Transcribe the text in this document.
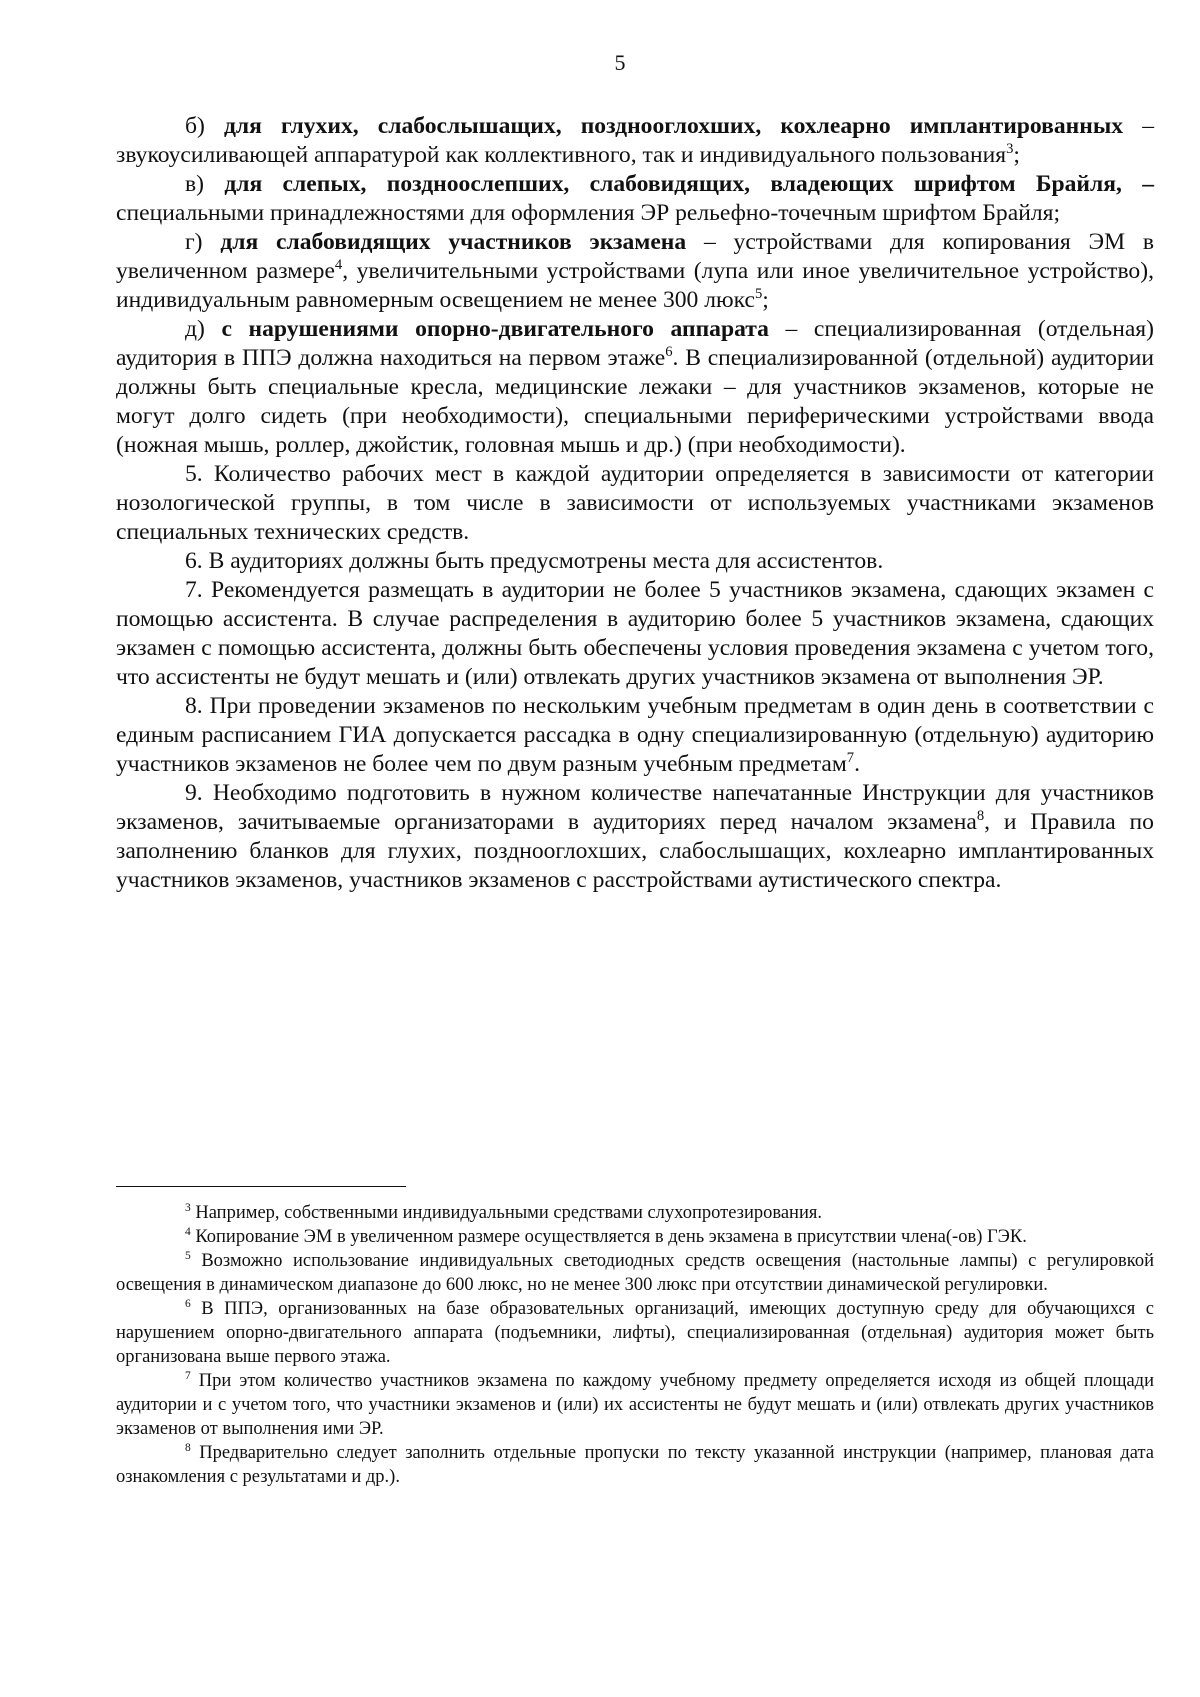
5

б) для глухих, слабослышащих, позднооглохших, кохлеарно имплантированных – звукоусиливающей аппаратурой как коллективного, так и индивидуального пользования$^3$;

в) для слепых, поздноослепших, слабовидящих, владеющих шрифтом Брайля, – специальными принадлежностями для оформления ЭР рельефно-точечным шрифтом Брайля;

г) для слабовидящих участников экзамена – устройствами для копирования ЭМ в увеличенном размере$^4$, увеличительными устройствами (лупа или иное увеличительное устройство), индивидуальным равномерным освещением не менее 300 люкс$^5$;

д) с нарушениями опорно-двигательного аппарата – специализированная (отдельная) аудитория в ППЭ должна находиться на первом этаже$^6$. В специализированной (отдельной) аудитории должны быть специальные кресла, медицинские лежаки – для участников экзаменов, которые не могут долго сидеть (при необходимости), специальными периферическими устройствами ввода (ножная мышь, роллер, джойстик, головная мышь и др.) (при необходимости).

5. Количество рабочих мест в каждой аудитории определяется в зависимости от категории нозологической группы, в том числе в зависимости от используемых участниками экзаменов специальных технических средств.

6. В аудиториях должны быть предусмотрены места для ассистентов.

7. Рекомендуется размещать в аудитории не более 5 участников экзамена, сдающих экзамен с помощью ассистента. В случае распределения в аудиторию более 5 участников экзамена, сдающих экзамен с помощью ассистента, должны быть обеспечены условия проведения экзамена с учетом того, что ассистенты не будут мешать и (или) отвлекать других участников экзамена от выполнения ЭР.

8. При проведении экзаменов по нескольким учебным предметам в один день в соответствии с единым расписанием ГИА допускается рассадка в одну специализированную (отдельную) аудиторию участников экзаменов не более чем по двум разным учебным предметам$^7$.

9. Необходимо подготовить в нужном количестве напечатанные Инструкции для участников экзаменов, зачитываемые организаторами в аудиториях перед началом экзамена$^8$, и Правила по заполнению бланков для глухих, позднооглохших, слабослышащих, кохлеарно имплантированных участников экзаменов, участников экзаменов с расстройствами аутистического спектра.

$^3$ Например, собственными индивидуальными средствами слухопротезирования.

$^4$ Копирование ЭМ в увеличенном размере осуществляется в день экзамена в присутствии члена(-ов) ГЭК.

$^5$ Возможно использование индивидуальных светодиодных средств освещения (настольные лампы) с регулировкой освещения в динамическом диапазоне до 600 люкс, но не менее 300 люкс при отсутствии динамической регулировки.

$^6$ В ППЭ, организованных на базе образовательных организаций, имеющих доступную среду для обучающихся с нарушением опорно-двигательного аппарата (подъемники, лифты), специализированная (отдельная) аудитория может быть организована выше первого этажа.

$^7$ При этом количество участников экзамена по каждому учебному предмету определяется исходя из общей площади аудитории и с учетом того, что участники экзаменов и (или) их ассистенты не будут мешать и (или) отвлекать других участников экзаменов от выполнения ими ЭР.

$^8$ Предварительно следует заполнить отдельные пропуски по тексту указанной инструкции (например, плановая дата ознакомления с результатами и др.).
